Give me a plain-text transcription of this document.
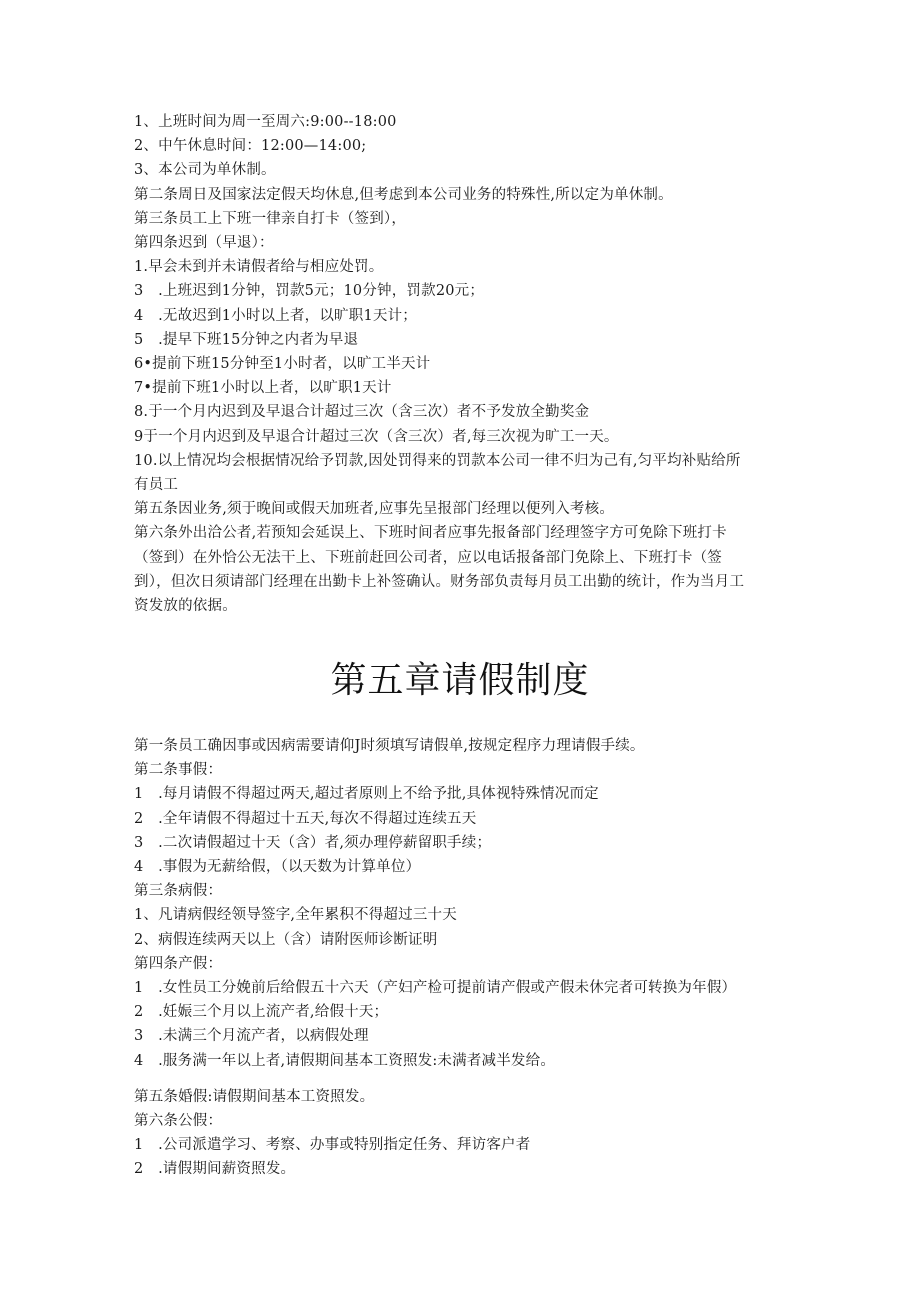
1、上班时间为周一至周六:9:00--18:00
2、中午休息时间：12:00—14:00;
3、本公司为单休制。
第二条周日及国家法定假天均休息,但考虑到本公司业务的特殊性,所以定为单休制。
第三条员工上下班一律亲自打卡（签到），
第四条迟到（早退）：
1.早会未到并未请假者给与相应处罚。
3　.上班迟到1分钟，罚款5元；10分钟，罚款20元；
4　.无故迟到1小时以上者，以旷职1天计；
5　.提早下班15分钟之内者为早退
6•提前下班15分钟至1小时者，以旷工半天计
7•提前下班1小时以上者，以旷职1天计
8.于一个月内迟到及早退合计超过三次（含三次）者不予发放全勤奖金
9于一个月内迟到及早退合计超过三次（含三次）者,每三次视为旷工一天。
10.以上情况均会根据情况给予罚款,因处罚得来的罚款本公司一律不归为己有,匀平均补贴给所
有员工
第五条因业务,须于晚间或假天加班者,应事先呈报部门经理以便列入考核。
第六条外出洽公者,若预知会延误上、下班时间者应事先报备部门经理签字方可免除下班打卡
（签到）在外恰公无法干上、下班前赶回公司者，应以电话报备部门免除上、下班打卡（签
到），但次日须请部门经理在出勤卡上补签确认。财务部负责每月员工出勤的统计，作为当月工
资发放的依据。
第五章请假制度
第一条员工确因事或因病需要请仰J时须填写请假单,按规定程序力理请假手续。
第二条事假：
1　.每月请假不得超过两天,超过者原则上不给予批,具体视特殊情况而定
2　.全年请假不得超过十五天,每次不得超过连续五天
3　.二次请假超过十天（含）者,须办理停薪留职手续；
4　.事假为无薪给假，（以天数为计算单位）
第三条病假：
1、凡请病假经领导签字,全年累积不得超过三十天
2、病假连续两天以上（含）请附医师诊断证明
第四条产假：
1　.女性员工分娩前后给假五十六天（产妇产检可提前请产假或产假未休完者可转换为年假）
2　.妊娠三个月以上流产者,给假十天；
3　.未满三个月流产者，以病假处理
4　.服务满一年以上者,请假期间基本工资照发:未满者减半发给。
第五条婚假:请假期间基本工资照发。
第六条公假：
1　.公司派遣学习、考察、办事或特别指定任务、拜访客户者
2　.请假期间薪资照发。
